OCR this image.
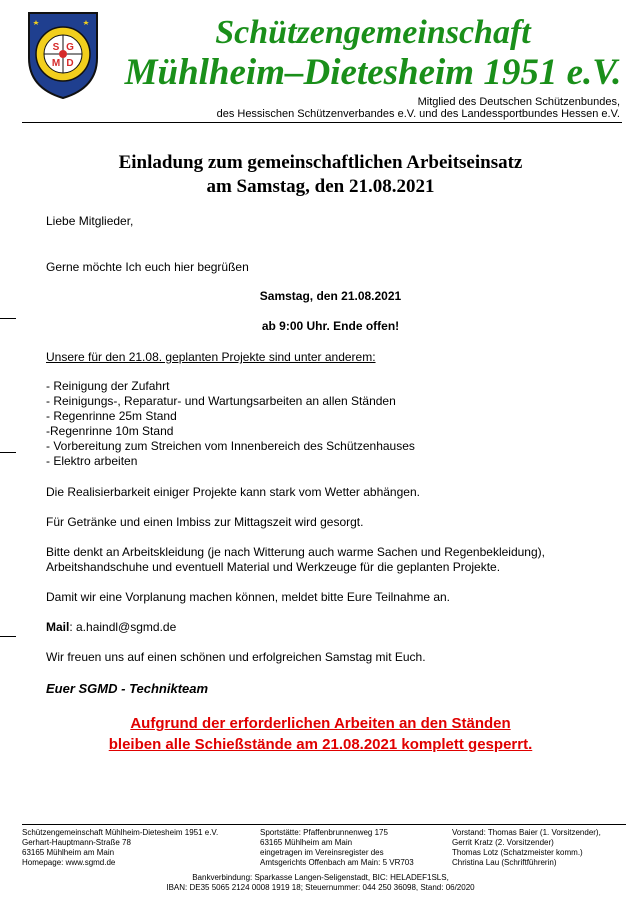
S G
M D
Schützengemeinschaft
Mühlheim–Dietesheim 1951 e.V.
Mitglied des Deutschen Schützenbundes,
des Hessischen Schützenverbandes e.V. und des Landessportbundes Hessen e.V.
Einladung zum gemeinschaftlichen Arbeitseinsatz
am Samstag, den 21.08.2021
Liebe Mitglieder,
Gerne möchte Ich euch hier begrüßen
Samstag, den 21.08.2021
ab 9:00 Uhr. Ende offen!
Unsere für den 21.08. geplanten Projekte sind unter anderem:
- Reinigung der Zufahrt
- Reinigungs-, Reparatur- und Wartungsarbeiten an allen Ständen
- Regenrinne 25m Stand
-Regenrinne 10m Stand
- Vorbereitung zum Streichen vom Innenbereich des Schützenhauses
- Elektro arbeiten
Die Realisierbarkeit einiger Projekte kann stark vom Wetter abhängen.
Für Getränke und einen Imbiss zur Mittagszeit wird gesorgt.
Bitte denkt an Arbeitskleidung (je nach Witterung auch warme Sachen und Regenbekleidung),
Arbeitshandschuhe und eventuell Material und Werkzeuge für die geplanten Projekte.
Damit wir eine Vorplanung machen können, meldet bitte Eure Teilnahme an.
Mail: a.haindl@sgmd.de
Wir freuen uns auf einen schönen und erfolgreichen Samstag mit Euch.
Euer SGMD - Technikteam
Aufgrund der erforderlichen Arbeiten an den Ständen
bleiben alle Schießstände am 21.08.2021 komplett gesperrt.
Schützengemeinschaft Mühlheim-Dietesheim 1951 e.V.
Gerhart-Hauptmann-Straße 78
63165 Mühlheim am Main
Homepage: www.sgmd.de
Sportstätte: Pfaffenbrunnenweg 175
63165 Mühlheim am Main
eingetragen im Vereinsregister des
Amtsgerichts Offenbach am Main: 5 VR703
Vorstand: Thomas Baier (1. Vorsitzender),
Gerrit Kratz (2. Vorsitzender)
Thomas Lotz (Schatzmeister komm.)
Christina Lau (Schriftführerin)
Bankverbindung: Sparkasse Langen-Seligenstadt, BIC: HELADEF1SLS,
IBAN: DE35 5065 2124 0008 1919 18; Steuernummer: 044 250 36098, Stand: 06/2020
